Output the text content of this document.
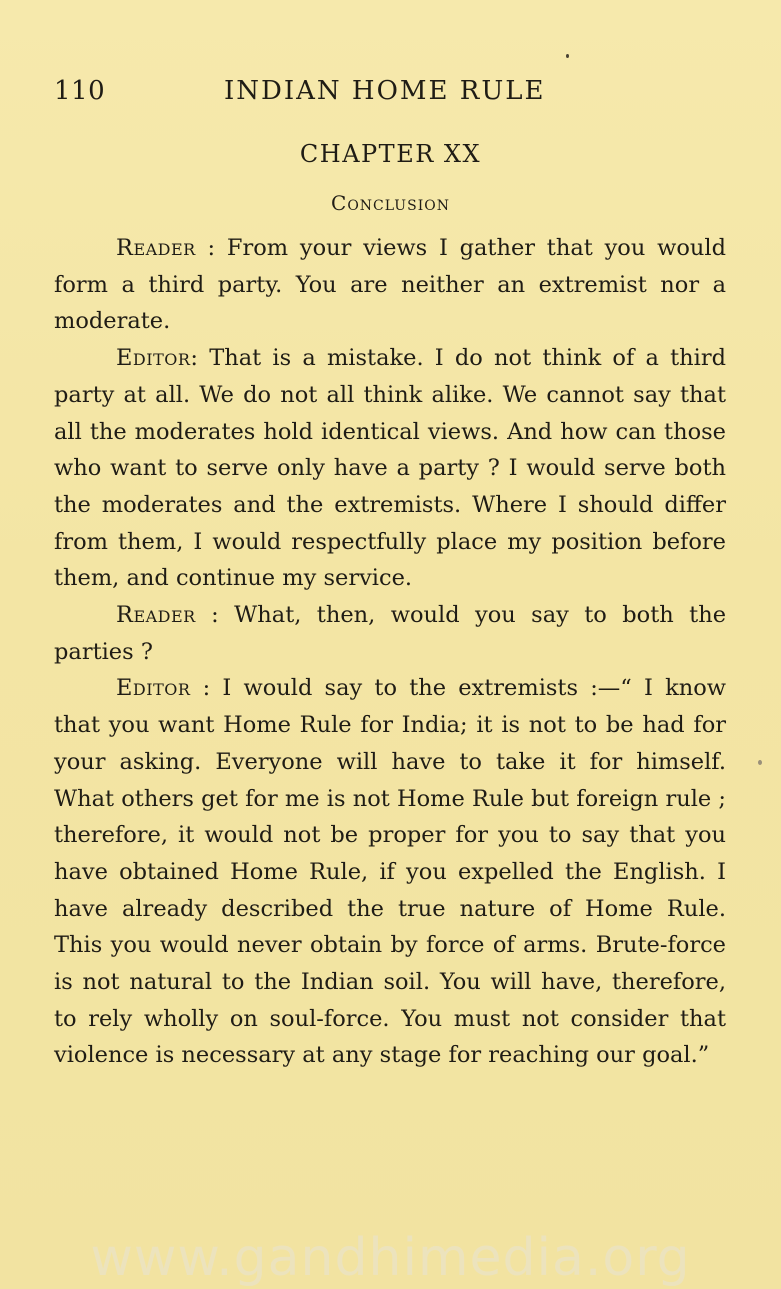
110	INDIAN HOME RULE
CHAPTER XX
Conclusion

Reader : From your views I gather that you would form a third party. You are neither an extremist nor a moderate.

Editor: That is a mistake. I do not think of a third party at all. We do not all think alike. We cannot say that all the moderates hold identical views. And how can those who want to serve only have a party ? I would serve both the moderates and the extremists. Where I should differ from them, I would respectfully place my position before them, and continue my service.

Reader : What, then, would you say to both the parties ?

Editor : I would say to the extremists :—“ I know that you want Home Rule for India; it is not to be had for your asking. Everyone will have to take it for himself. What others get for me is not Home Rule but foreign rule ; therefore, it would not be proper for you to say that you have obtained Home Rule, if you expelled the English. I have already described the true nature of Home Rule. This you would never obtain by force of arms. Brute-force is not natural to the Indian soil. You will have, therefore, to rely wholly on soul-force. You must not consider that violence is necessary at any stage for reaching our goal.”

www.gandhimedia.org
